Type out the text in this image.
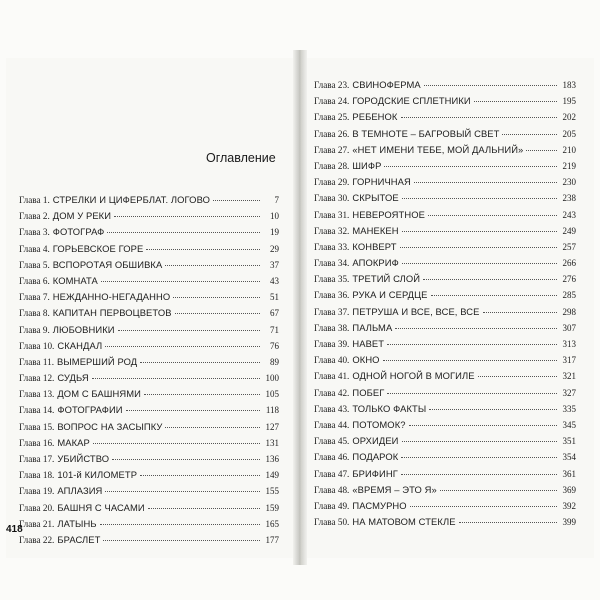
Оглавление
Глава 1. СТРЕЛКИ И ЦИФЕРБЛАТ. ЛОГОВО	7
Глава 2. ДОМ У РЕКИ	10
Глава 3. ФОТОГРАФ	19
Глава 4. ГОРЬЕВСКОЕ ГОРЕ	29
Глава 5. ВСПОРОТАЯ ОБШИВКА	37
Глава 6. КОМНАТА	43
Глава 7. НЕЖДАННО-НЕГАДАННО	51
Глава 8. КАПИТАН ПЕРВОЦВЕТОВ	67
Глава 9. ЛЮБОВНИКИ	71
Глава 10. СКАНДАЛ	76
Глава 11. ВЫМЕРШИЙ РОД	89
Глава 12. СУДЬЯ	100
Глава 13. ДОМ С БАШНЯМИ	105
Глава 14. ФОТОГРАФИИ	118
Глава 15. ВОПРОС НА ЗАСЫПКУ	127
Глава 16. МАКАР	131
Глава 17. УБИЙСТВО	136
Глава 18. 101-й КИЛОМЕТР	149
Глава 19. АПЛАЗИЯ	155
Глава 20. БАШНЯ С ЧАСАМИ	159
Глава 21. ЛАТЫНЬ	165
Глава 22. БРАСЛЕТ	177
Глава 23. СВИНОФЕРМА	183
Глава 24. ГОРОДСКИЕ СПЛЕТНИКИ	195
Глава 25. РЕБЕНОК	202
Глава 26. В ТЕМНОТЕ – БАГРОВЫЙ СВЕТ	205
Глава 27. «НЕТ ИМЕНИ ТЕБЕ, МОЙ ДАЛЬНИЙ»	210
Глава 28. ШИФР	219
Глава 29. ГОРНИЧНАЯ	230
Глава 30. СКРЫТОЕ	238
Глава 31. НЕВЕРОЯТНОЕ	243
Глава 32. МАНЕКЕН	249
Глава 33. КОНВЕРТ	257
Глава 34. АПОКРИФ	266
Глава 35. ТРЕТИЙ СЛОЙ	276
Глава 36. РУКА И СЕРДЦЕ	285
Глава 37. ПЕТРУША И ВСЕ, ВСЕ, ВСЕ	298
Глава 38. ПАЛЬМА	307
Глава 39. НАВЕТ	313
Глава 40. ОКНО	317
Глава 41. ОДНОЙ НОГОЙ В МОГИЛЕ	321
Глава 42. ПОБЕГ	327
Глава 43. ТОЛЬКО ФАКТЫ	335
Глава 44. ПОТОМОК?	345
Глава 45. ОРХИДЕИ	351
Глава 46. ПОДАРОК	354
Глава 47. БРИФИНГ	361
Глава 48. «ВРЕМЯ – ЭТО Я»	369
Глава 49. ПАСМУРНО	392
Глава 50. НА МАТОВОМ СТЕКЛЕ	399
418
